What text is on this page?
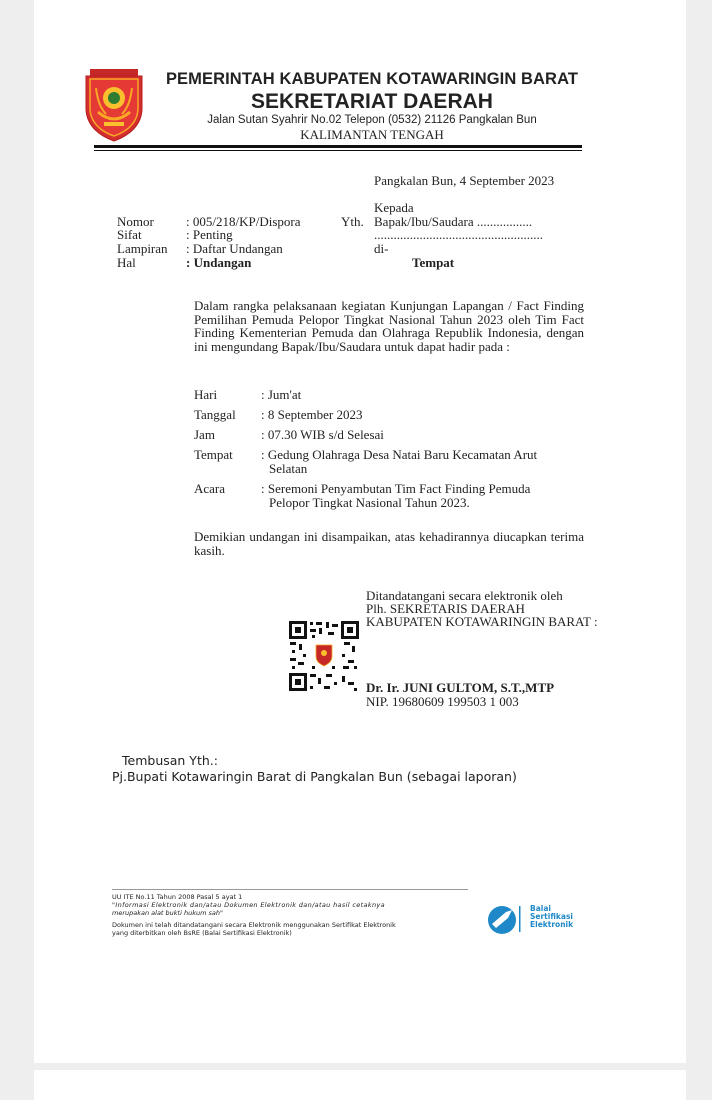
PEMERINTAH KABUPATEN KOTAWARINGIN BARAT
SEKRETARIAT DAERAH
Jalan Sutan Syahrir No.02 Telepon (0532) 21126 Pangkalan Bun
KALIMANTAN TENGAH
Pangkalan Bun, 4 September 2023
Kepada
Yth. Bapak/Ibu/Saudara .................
....................................................
di-
Tempat
Nomor : 005/218/KP/Dispora
Sifat	: Penting
Lampiran : Daftar Undangan
Hal	: Undangan
Dalam rangka pelaksanaan kegiatan Kunjungan Lapangan / Fact Finding Pemilihan Pemuda Pelopor Tingkat Nasional Tahun 2023 oleh Tim Fact Finding Kementerian Pemuda dan Olahraga Republik Indonesia, dengan ini mengundang Bapak/Ibu/Saudara untuk dapat hadir pada :
Hari	: Jum'at
Tanggal : 8 September 2023
Jam	: 07.30 WIB s/d Selesai
Tempat : Gedung Olahraga Desa Natai Baru Kecamatan Arut
Selatan
Acara	: Seremoni Penyambutan Tim Fact Finding Pemuda
Pelopor Tingkat Nasional Tahun 2023.
Demikian undangan ini disampaikan, atas kehadirannya diucapkan terima kasih.
Ditandatangani secara elektronik oleh
Plh. SEKRETARIS DAERAH
KABUPATEN KOTAWARINGIN BARAT :
Dr. Ir. JUNI GULTOM, S.T.,MTP
NIP. 19680609 199503 1 003
Tembusan Yth.:
Pj.Bupati Kotawaringin Barat di Pangkalan Bun (sebagai laporan)
UU ITE No.11 Tahun 2008 Pasal 5 ayat 1
"Informasi Elektronik dan/atau Dokumen Elektronik dan/atau hasil cetaknya
merupakan alat bukti hukum sah"
Dokumen ini telah ditandatangani secara Elektronik menggunakan Sertifikat Elektronik
yang diterbitkan oleh BsRE (Balai Sertifikasi Elektronik)
Balai
Sertifikasi
Elektronik
